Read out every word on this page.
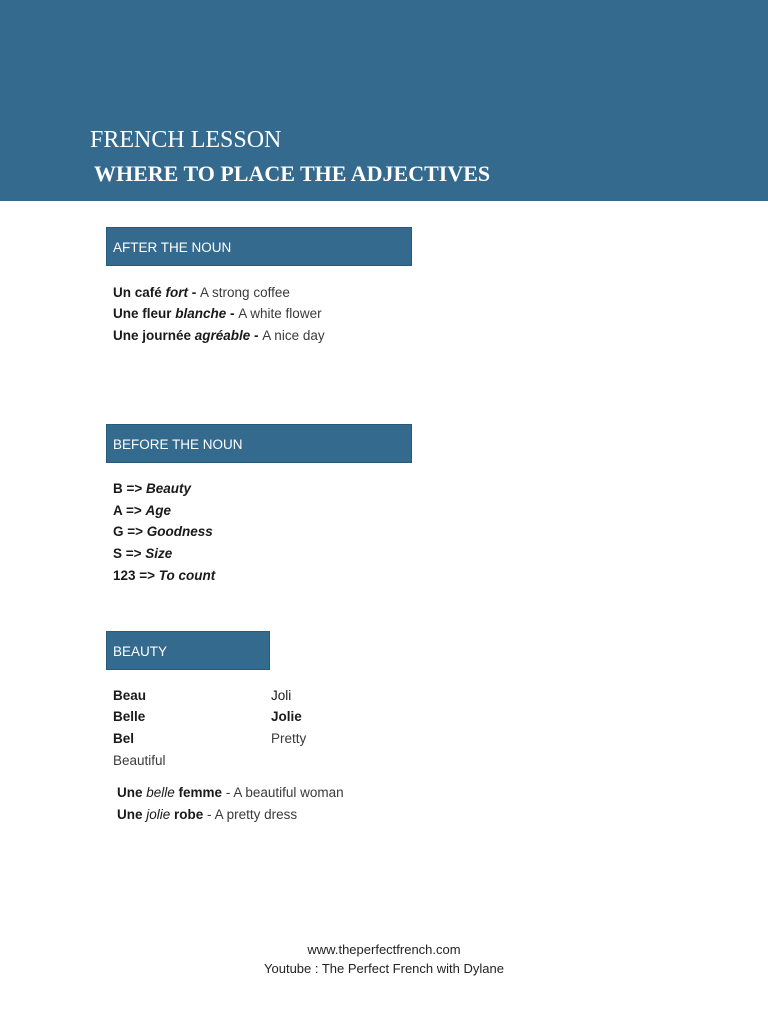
FRENCH LESSON
WHERE TO PLACE THE ADJECTIVES
AFTER THE NOUN
Un café fort - A strong coffee
Une fleur blanche - A white flower
Une journée agréable - A nice day
BEFORE THE NOUN
B => Beauty
A => Age
G => Goodness
S => Size
123 => To count
BEAUTY
Beau
Belle
Bel
Beautiful
Joli
Jolie
Pretty
Une belle femme - A beautiful woman
Une jolie robe - A pretty dress
www.theperfectfrench.com
Youtube : The Perfect French with Dylane
